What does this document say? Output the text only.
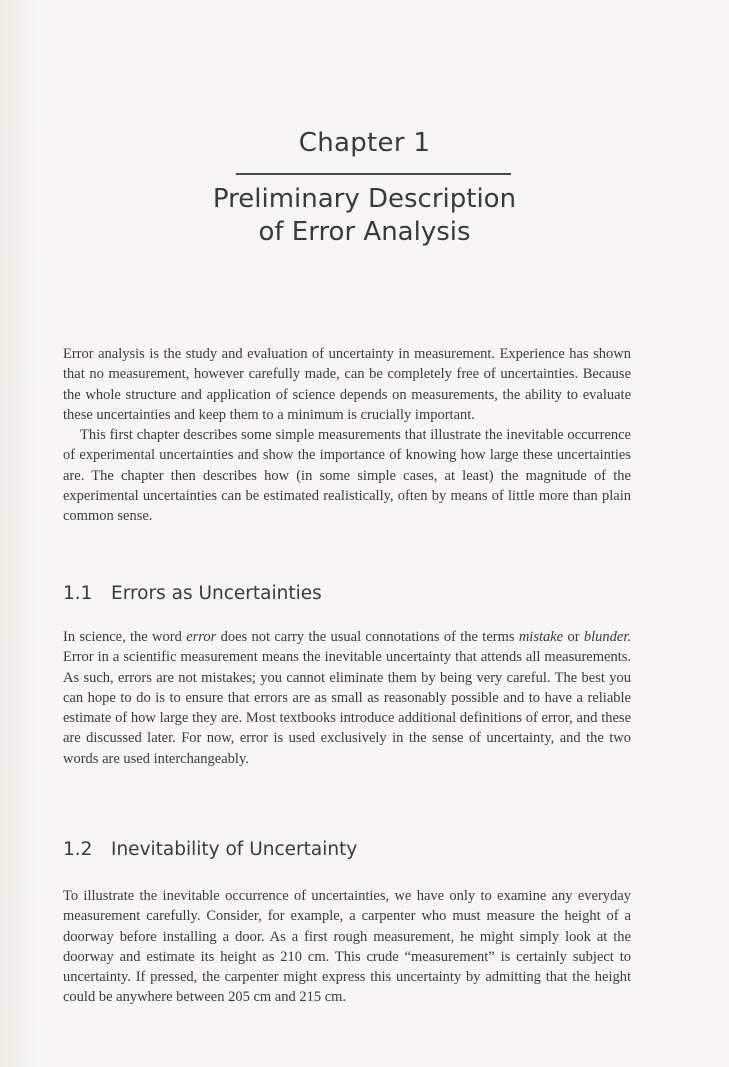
Chapter 1
Preliminary Description
of Error Analysis

Error analysis is the study and evaluation of uncertainty in measurement. Experience has shown that no measurement, however carefully made, can be completely free of uncertainties. Because the whole structure and application of science depends on measurements, the ability to evaluate these uncertainties and keep them to a minimum is crucially important.

This first chapter describes some simple measurements that illustrate the inevitable occurrence of experimental uncertainties and show the importance of knowing how large these uncertainties are. The chapter then describes how (in some simple cases, at least) the magnitude of the experimental uncertainties can be estimated realistically, often by means of little more than plain common sense.

1.1 Errors as Uncertainties

In science, the word error does not carry the usual connotations of the terms mistake or blunder. Error in a scientific measurement means the inevitable uncertainty that attends all measurements. As such, errors are not mistakes; you cannot eliminate them by being very careful. The best you can hope to do is to ensure that errors are as small as reasonably possible and to have a reliable estimate of how large they are. Most textbooks introduce additional definitions of error, and these are discussed later. For now, error is used exclusively in the sense of uncertainty, and the two words are used interchangeably.

1.2 Inevitability of Uncertainty

To illustrate the inevitable occurrence of uncertainties, we have only to examine any everyday measurement carefully. Consider, for example, a carpenter who must measure the height of a doorway before installing a door. As a first rough measurement, he might simply look at the doorway and estimate its height as 210 cm. This crude “measurement” is certainly subject to uncertainty. If pressed, the carpenter might express this uncertainty by admitting that the height could be anywhere between 205 cm and 215 cm.
